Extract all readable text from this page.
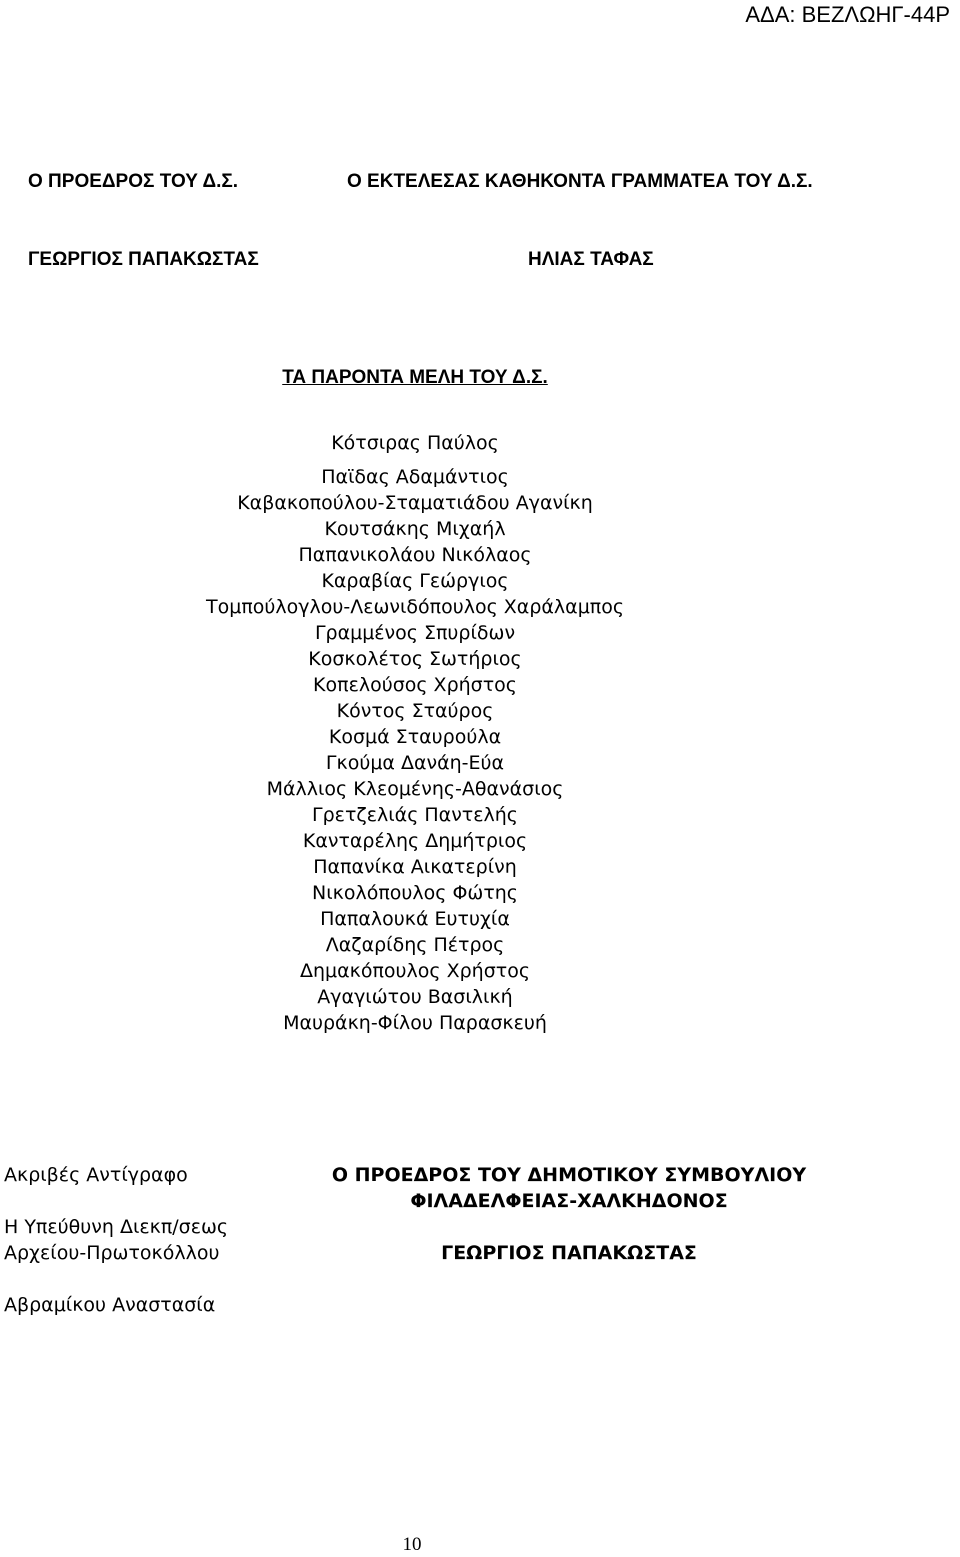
ΑΔΑ: ΒΕΖΛΩΗΓ-44Ρ
Ο ΠΡΟΕΔΡΟΣ ΤΟΥ Δ.Σ.	Ο ΕΚΤΕΛΕΣΑΣ ΚΑΘΗΚΟΝΤΑ ΓΡΑΜΜΑΤΕΑ ΤΟΥ Δ.Σ.
ΓΕΩΡΓΙΟΣ ΠΑΠΑΚΩΣΤΑΣ	ΗΛΙΑΣ ΤΑΦΑΣ
ΤΑ ΠΑΡΟΝΤΑ ΜΕΛΗ ΤΟΥ Δ.Σ.
Κότσιρας Παύλος
Παϊδας Αδαμάντιος
Καβακοπούλου-Σταματιάδου Αγανίκη
Κουτσάκης Μιχαήλ
Παπανικολάου Νικόλαος
Καραβίας Γεώργιος
Τομπούλογλου-Λεωνιδόπουλος Χαράλαμπος
Γραμμένος Σπυρίδων
Κοσκολέτος Σωτήριος
Κοπελούσος Χρήστος
Κόντος Σταύρος
Κοσμά Σταυρούλα
Γκούμα Δανάη-Εύα
Μάλλιος Κλεομένης-Αθανάσιος
Γρετζελιάς Παντελής
Κανταρέλης Δημήτριος
Παπανίκα Αικατερίνη
Νικολόπουλος Φώτης
Παπαλουκά Ευτυχία
Λαζαρίδης Πέτρος
Δημακόπουλος Χρήστος
Αγαγιώτου Βασιλική
Μαυράκη-Φίλου Παρασκευή
Ακριβές Αντίγραφο
Η Υπεύθυνη Διεκπ/σεως
Αρχείου-Πρωτοκόλλου
Αβραμίκου Αναστασία
Ο ΠΡΟΕΔΡΟΣ ΤΟΥ ΔΗΜΟΤΙΚΟΥ ΣΥΜΒΟΥΛΙΟΥ
ΦΙΛΑΔΕΛΦΕΙΑΣ-ΧΑΛΚΗΔΟΝΟΣ
ΓΕΩΡΓΙΟΣ ΠΑΠΑΚΩΣΤΑΣ
10
